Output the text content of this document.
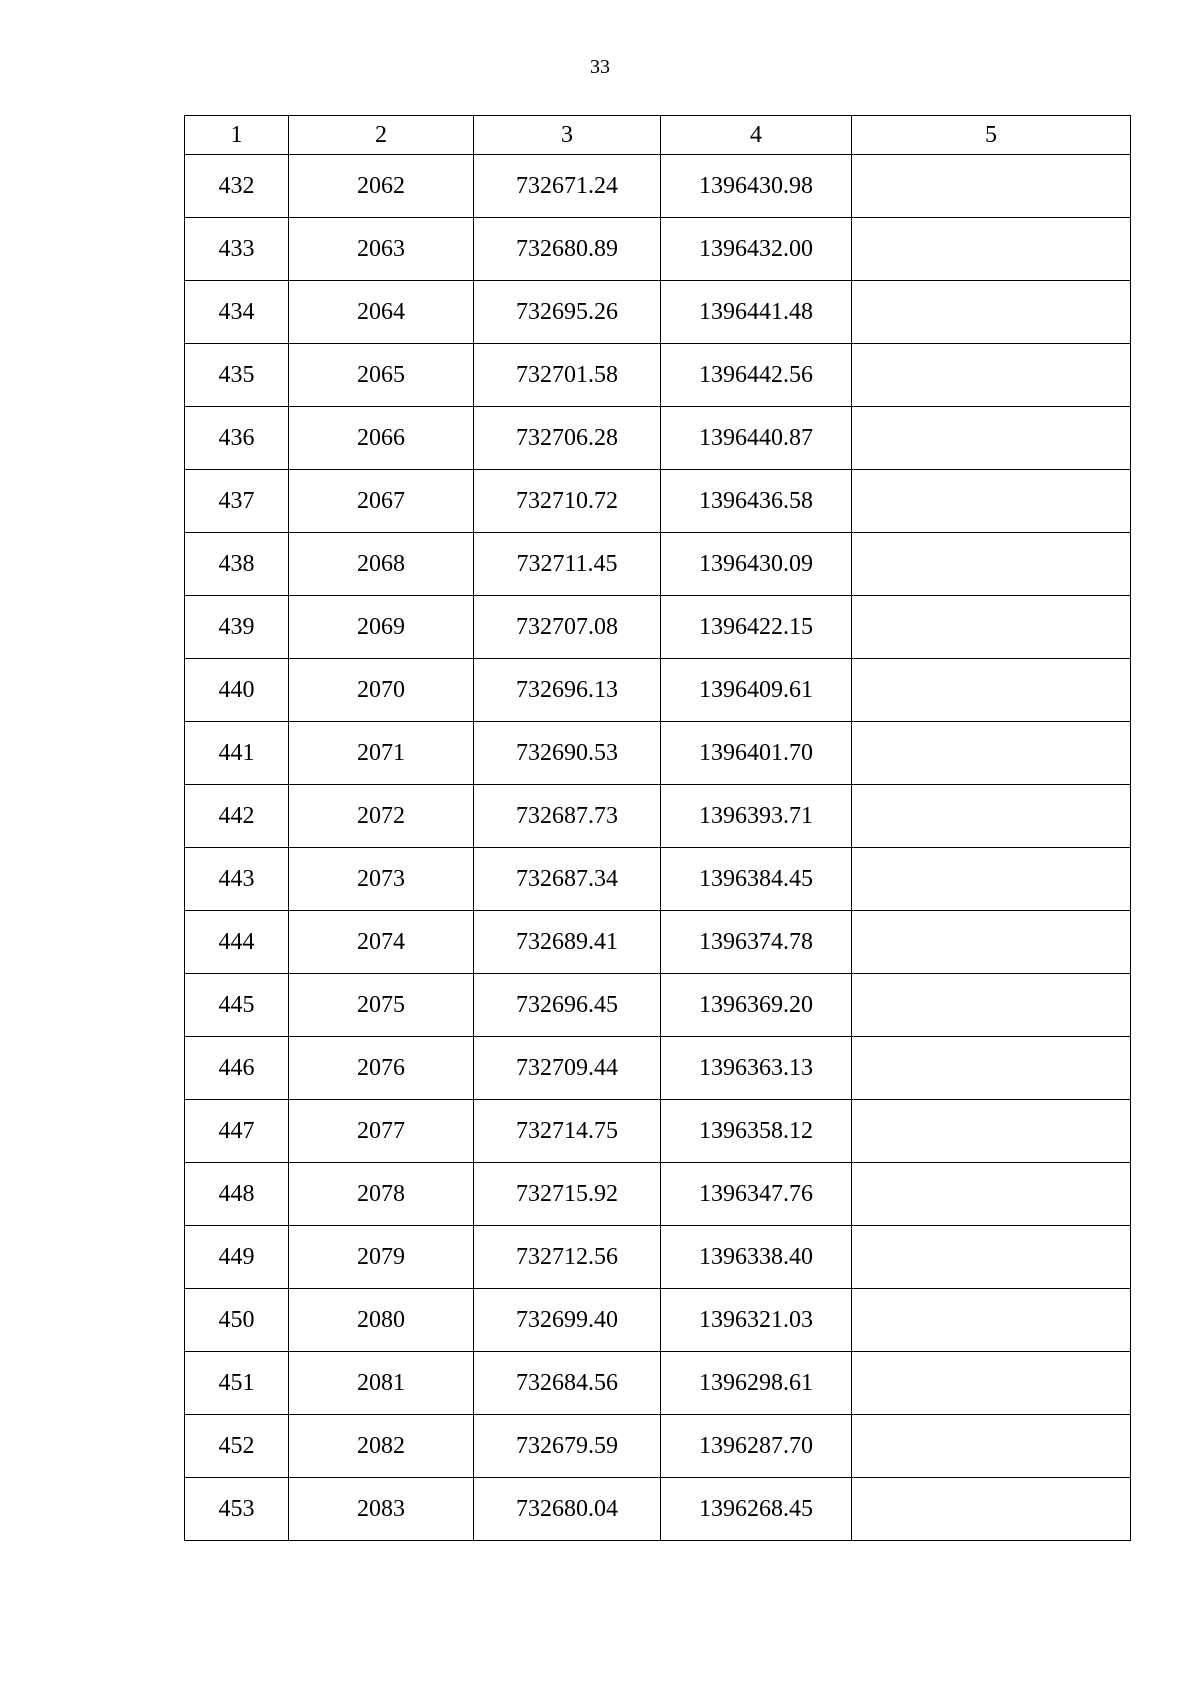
33
1	2	3	4	5
432	2062	732671.24	1396430.98	
433	2063	732680.89	1396432.00	
434	2064	732695.26	1396441.48	
435	2065	732701.58	1396442.56	
436	2066	732706.28	1396440.87	
437	2067	732710.72	1396436.58	
438	2068	732711.45	1396430.09	
439	2069	732707.08	1396422.15	
440	2070	732696.13	1396409.61	
441	2071	732690.53	1396401.70	
442	2072	732687.73	1396393.71	
443	2073	732687.34	1396384.45	
444	2074	732689.41	1396374.78	
445	2075	732696.45	1396369.20	
446	2076	732709.44	1396363.13	
447	2077	732714.75	1396358.12	
448	2078	732715.92	1396347.76	
449	2079	732712.56	1396338.40	
450	2080	732699.40	1396321.03	
451	2081	732684.56	1396298.61	
452	2082	732679.59	1396287.70	
453	2083	732680.04	1396268.45	
